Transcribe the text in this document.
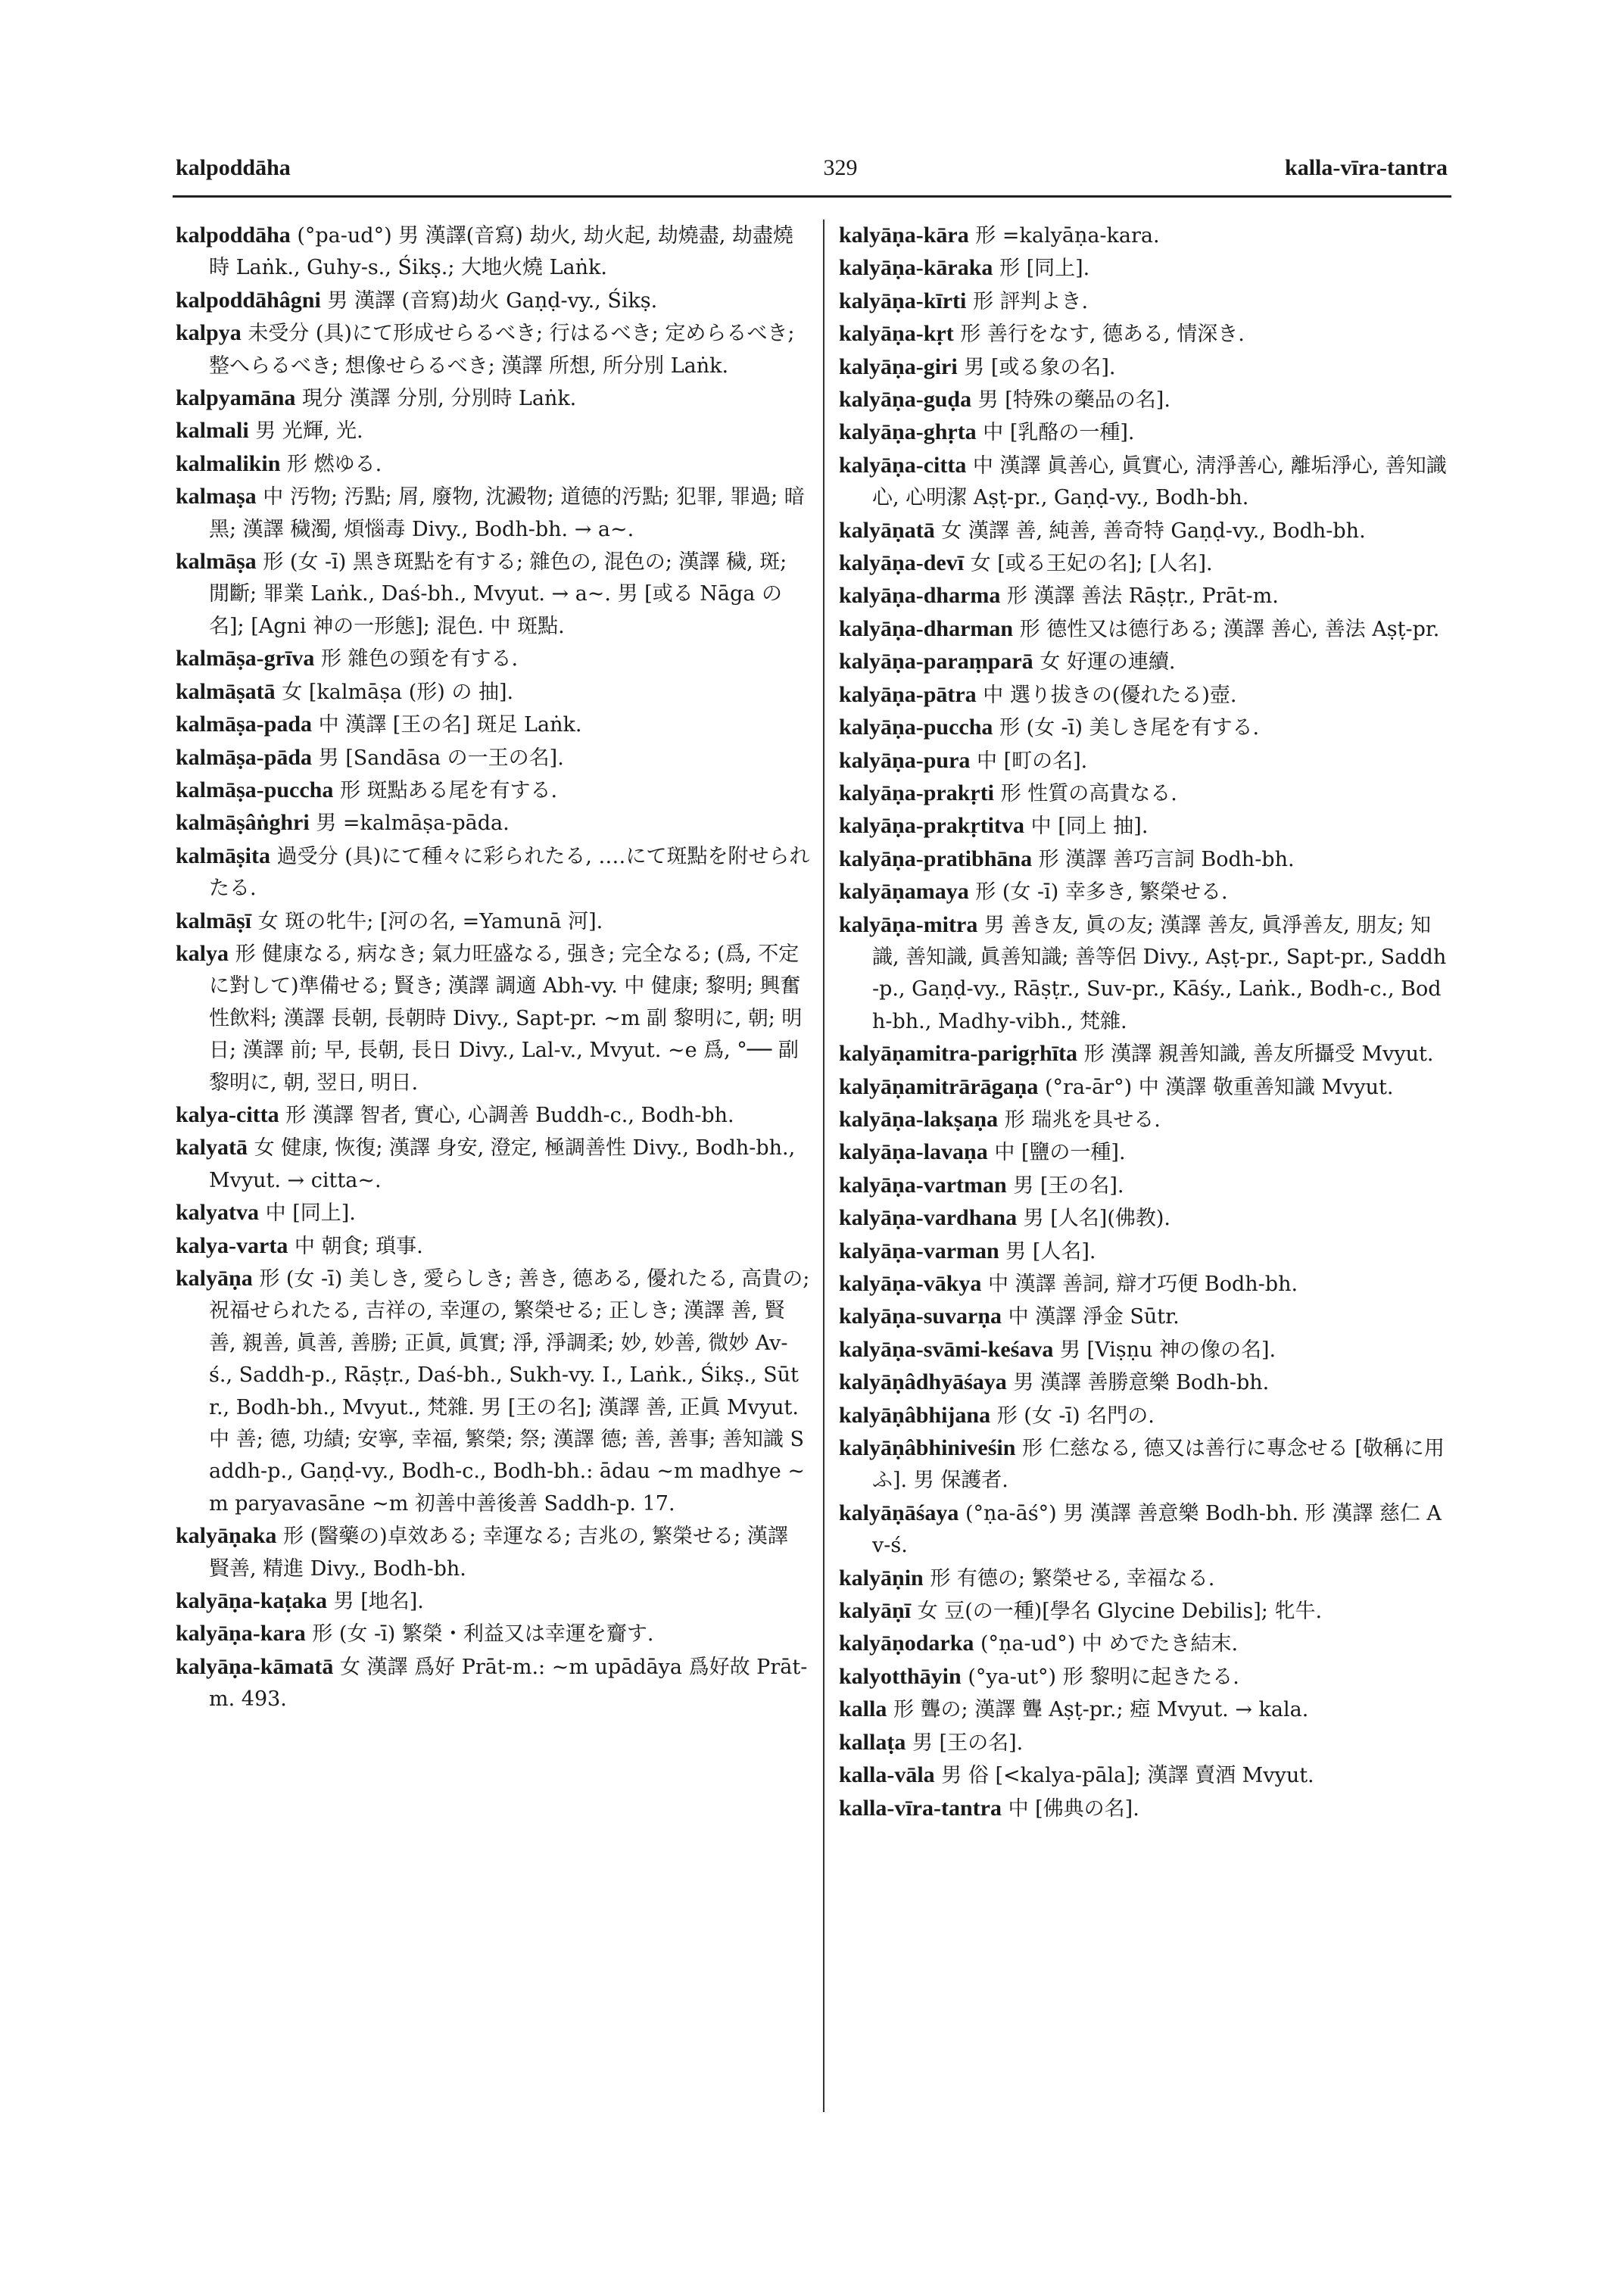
kalpoddāha	329	kalla-vīra-tantra

kalpoddāha (°pa-ud°) 男 漢譯(音寫) 劫火, 劫火起, 劫燒盡, 劫盡燒時 Laṅk., Guhy-s., Śikṣ.; 大地火燒 Laṅk.

kalpoddāhâgni 男 漢譯 (音寫)劫火 Gaṇḍ-vy., Śikṣ.

kalpya 未受分 (具)にて形成せらるべき; 行はるべき; 定めらるべき; 整へらるべき; 想像せらるべき; 漢譯 所想, 所分別 Laṅk.

kalpyamāna 現分 漢譯 分別, 分別時 Laṅk.

kalmali 男 光輝, 光.

kalmalikin 形 燃ゆる.

kalmaṣa 中 汚物; 汚點; 屑, 廢物, 沈澱物; 道德的汚點; 犯罪, 罪過; 暗黑; 漢譯 穢濁, 煩惱毒 Divy., Bodh-bh. → a~.

kalmāṣa 形 (女 -ī) 黑き斑點を有する; 雜色の, 混色の; 漢譯 穢, 斑; 閒斷; 罪業 Laṅk., Daś-bh., Mvyut. → a~. 男 [或る Nāga の名]; [Agni 神の一形態]; 混色. 中 斑點.

kalmāṣa-grīva 形 雜色の頸を有する.

kalmāṣatā 女 [kalmāṣa (形) の 抽].

kalmāṣa-pada 中 漢譯 [王の名] 斑足 Laṅk.

kalmāṣa-pāda 男 [Sandāsa の一王の名].

kalmāṣa-puccha 形 斑點ある尾を有する.

kalmāṣâṅghri 男 =kalmāṣa-pāda.

kalmāṣita 過受分 (具)にて種々に彩られたる, ‥‥にて斑點を附せられたる.

kalmāṣī 女 斑の牝牛; [河の名, =Yamunā 河].

kalya 形 健康なる, 病なき; 氣力旺盛なる, 强き; 完全なる; (爲, 不定 に對して)準備せる; 賢き; 漢譯 調適 Abh-vy. 中 健康; 黎明; 興奮性飲料; 漢譯 長朝, 長朝時 Divy., Sapt-pr. ~m 副 黎明に, 朝; 明日; 漢譯 前; 早, 長朝, 長日 Divy., Lal-v., Mvyut. ~e 爲, °── 副 黎明に, 朝, 翌日, 明日.

kalya-citta 形 漢譯 智者, 實心, 心調善 Buddh-c., Bodh-bh.

kalyatā 女 健康, 恢復; 漢譯 身安, 澄定, 極調善性 Divy., Bodh-bh., Mvyut. → citta~.

kalyatva 中 [同上].

kalya-varta 中 朝食; 瑣事.

kalyāṇa 形 (女 -ī) 美しき, 愛らしき; 善き, 德ある, 優れたる, 高貴の; 祝福せられたる, 吉祥の, 幸運の, 繁榮せる; 正しき; 漢譯 善, 賢善, 親善, 眞善, 善勝; 正眞, 眞實; 淨, 淨調柔; 妙, 妙善, 微妙 Av-ś., Saddh-p., Rāṣṭr., Daś-bh., Sukh-vy. I., Laṅk., Śikṣ., Sūtr., Bodh-bh., Mvyut., 梵雜. 男 [王の名]; 漢譯 善, 正眞 Mvyut. 中 善; 德, 功績; 安寧, 幸福, 繁榮; 祭; 漢譯 德; 善, 善事; 善知識 Saddh-p., Gaṇḍ-vy., Bodh-c., Bodh-bh.: ādau ~m madhye ~m paryavasāne ~m 初善中善後善 Saddh-p. 17.

kalyāṇaka 形 (醫藥の)卓效ある; 幸運なる; 吉兆の, 繁榮せる; 漢譯 賢善, 精進 Divy., Bodh-bh.

kalyāṇa-kaṭaka 男 [地名].

kalyāṇa-kara 形 (女 -ī) 繁榮・利益又は幸運を齎す.

kalyāṇa-kāmatā 女 漢譯 爲好 Prāt-m.: ~m upādāya 爲好故 Prāt-m. 493.

kalyāṇa-kāra 形 =kalyāṇa-kara.

kalyāṇa-kāraka 形 [同上].

kalyāṇa-kīrti 形 評判よき.

kalyāṇa-kṛt 形 善行をなす, 德ある, 情深き.

kalyāṇa-giri 男 [或る象の名].

kalyāṇa-guḍa 男 [特殊の藥品の名].

kalyāṇa-ghṛta 中 [乳酪の一種].

kalyāṇa-citta 中 漢譯 眞善心, 眞實心, 淸淨善心, 離垢淨心, 善知識心, 心明潔 Aṣṭ-pr., Gaṇḍ-vy., Bodh-bh.

kalyāṇatā 女 漢譯 善, 純善, 善奇特 Gaṇḍ-vy., Bodh-bh.

kalyāṇa-devī 女 [或る王妃の名]; [人名].

kalyāṇa-dharma 形 漢譯 善法 Rāṣṭr., Prāt-m.

kalyāṇa-dharman 形 德性又は德行ある; 漢譯 善心, 善法 Aṣṭ-pr.

kalyāṇa-paraṃparā 女 好運の連續.

kalyāṇa-pātra 中 選り拔きの(優れたる)壺.

kalyāṇa-puccha 形 (女 -ī) 美しき尾を有する.

kalyāṇa-pura 中 [町の名].

kalyāṇa-prakṛti 形 性質の高貴なる.

kalyāṇa-prakṛtitva 中 [同上 抽].

kalyāṇa-pratibhāna 形 漢譯 善巧言詞 Bodh-bh.

kalyāṇamaya 形 (女 -ī) 幸多き, 繁榮せる.

kalyāṇa-mitra 男 善き友, 眞の友; 漢譯 善友, 眞淨善友, 朋友; 知識, 善知識, 眞善知識; 善等侶 Divy., Aṣṭ-pr., Sapt-pr., Saddh-p., Gaṇḍ-vy., Rāṣṭr., Suv-pr., Kāśy., Laṅk., Bodh-c., Bodh-bh., Madhy-vibh., 梵雜.

kalyāṇamitra-parigṛhīta 形 漢譯 親善知識, 善友所攝受 Mvyut.

kalyāṇamitrārāgaṇa (°ra-ār°) 中 漢譯 敬重善知識 Mvyut.

kalyāṇa-lakṣaṇa 形 瑞兆を具せる.

kalyāṇa-lavaṇa 中 [鹽の一種].

kalyāṇa-vartman 男 [王の名].

kalyāṇa-vardhana 男 [人名](佛教).

kalyāṇa-varman 男 [人名].

kalyāṇa-vākya 中 漢譯 善詞, 辯才巧便 Bodh-bh.

kalyāṇa-suvarṇa 中 漢譯 淨金 Sūtr.

kalyāṇa-svāmi-keśava 男 [Viṣṇu 神の像の名].

kalyāṇâdhyāśaya 男 漢譯 善勝意樂 Bodh-bh.

kalyāṇâbhijana 形 (女 -ī) 名門の.

kalyāṇâbhiniveśin 形 仁慈なる, 德又は善行に專念せる [敬稱に用ふ]. 男 保護者.

kalyāṇāśaya (°ṇa-āś°) 男 漢譯 善意樂 Bodh-bh. 形 漢譯 慈仁 Av-ś.

kalyāṇin 形 有德の; 繁榮せる, 幸福なる.

kalyāṇī 女 豆(の一種)[學名 Glycine Debilis]; 牝牛.

kalyāṇodarka (°ṇa-ud°) 中 めでたき結末.

kalyotthāyin (°ya-ut°) 形 黎明に起きたる.

kalla 形 聾の; 漢譯 聾 Aṣṭ-pr.; 瘂 Mvyut. → kala.

kallaṭa 男 [王の名].

kalla-vāla 男 俗 [<kalya-pāla]; 漢譯 賣酒 Mvyut.

kalla-vīra-tantra 中 [佛典の名].
